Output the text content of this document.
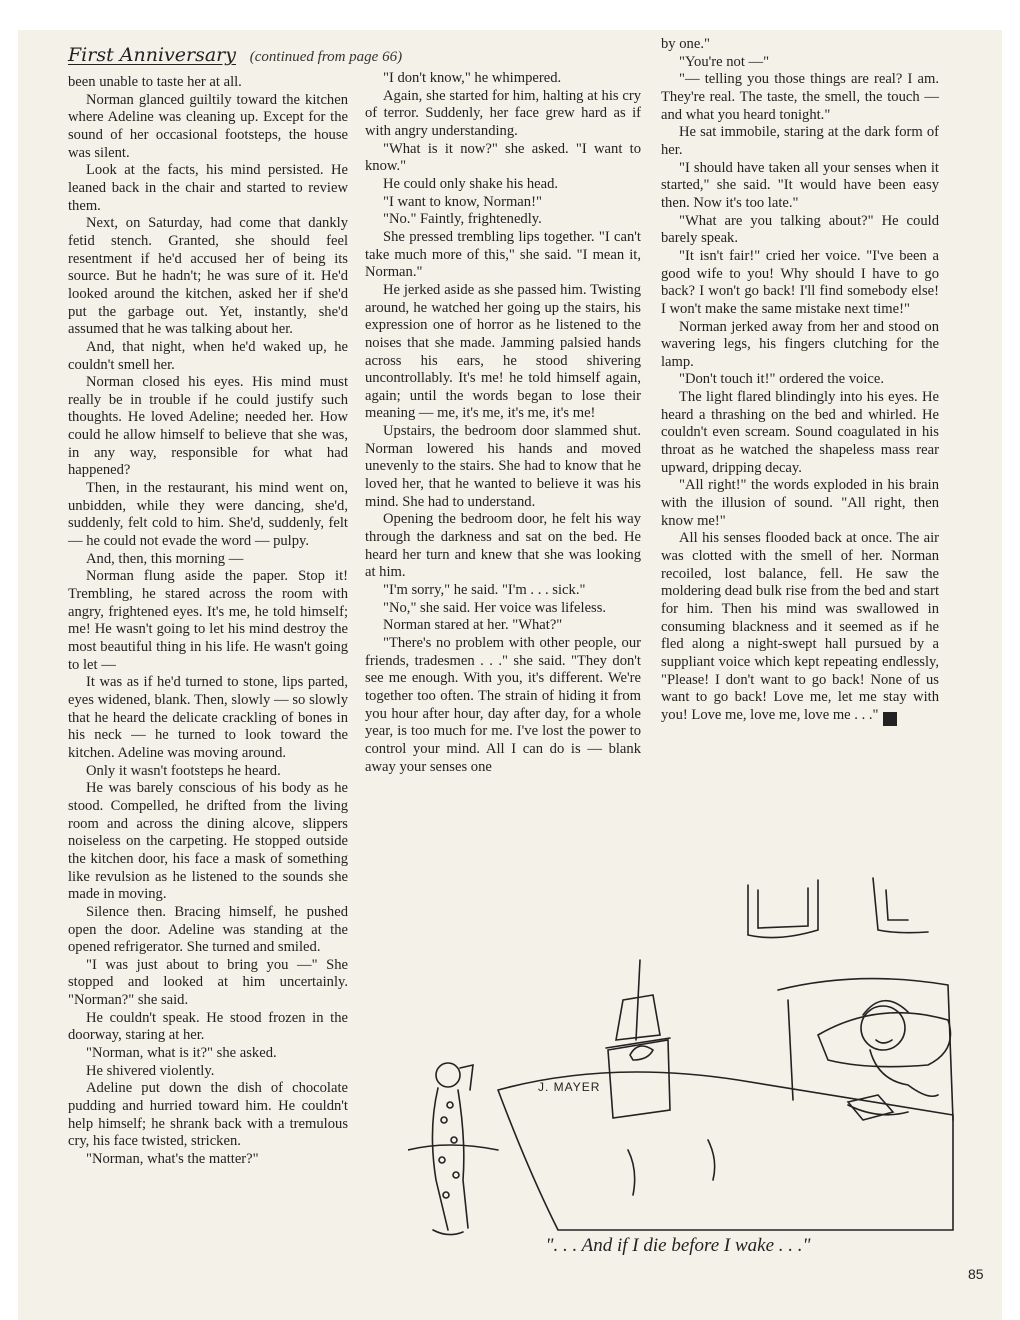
First Anniversary (continued from page 66)

been unable to taste her at all.

Norman glanced guiltily toward the kitchen where Adeline was cleaning up. Except for the sound of her occasional footsteps, the house was silent.

Look at the facts, his mind persisted. He leaned back in the chair and started to review them.

Next, on Saturday, had come that dankly fetid stench. Granted, she should feel resentment if he'd accused her of being its source. But he hadn't; he was sure of it. He'd looked around the kitchen, asked her if she'd put the garbage out. Yet, instantly, she'd assumed that he was talking about her.

And, that night, when he'd waked up, he couldn't smell her.

Norman closed his eyes. His mind must really be in trouble if he could justify such thoughts. He loved Adeline; needed her. How could he allow himself to believe that she was, in any way, responsible for what had happened?

Then, in the restaurant, his mind went on, unbidden, while they were dancing, she'd, suddenly, felt cold to him. She'd, suddenly, felt — he could not evade the word — pulpy.

And, then, this morning —

Norman flung aside the paper. Stop it! Trembling, he stared across the room with angry, frightened eyes. It's me, he told himself; me! He wasn't going to let his mind destroy the most beautiful thing in his life. He wasn't going to let —

It was as if he'd turned to stone, lips parted, eyes widened, blank. Then, slowly — so slowly that he heard the delicate crackling of bones in his neck — he turned to look toward the kitchen. Adeline was moving around.

Only it wasn't footsteps he heard.

He was barely conscious of his body as he stood. Compelled, he drifted from the living room and across the dining alcove, slippers noiseless on the carpeting. He stopped outside the kitchen door, his face a mask of something like revulsion as he listened to the sounds she made in moving.

Silence then. Bracing himself, he pushed open the door. Adeline was standing at the opened refrigerator. She turned and smiled.

"I was just about to bring you —" She stopped and looked at him uncertainly. "Norman?" she said.

He couldn't speak. He stood frozen in the doorway, staring at her.

"Norman, what is it?" she asked.

He shivered violently.

Adeline put down the dish of chocolate pudding and hurried toward him. He couldn't help himself; he shrank back with a tremulous cry, his face twisted, stricken.

"Norman, what's the matter?"

"I don't know," he whimpered.

Again, she started for him, halting at his cry of terror. Suddenly, her face grew hard as if with angry understanding.

"What is it now?" she asked. "I want to know."

He could only shake his head.

"I want to know, Norman!"

"No." Faintly, frightenedly.

She pressed trembling lips together. "I can't take much more of this," she said. "I mean it, Norman."

He jerked aside as she passed him. Twisting around, he watched her going up the stairs, his expression one of horror as he listened to the noises that she made. Jamming palsied hands across his ears, he stood shivering uncontrollably. It's me! he told himself again, again; until the words began to lose their meaning — me, it's me, it's me, it's me!

Upstairs, the bedroom door slammed shut. Norman lowered his hands and moved unevenly to the stairs. She had to know that he loved her, that he wanted to believe it was his mind. She had to understand.

Opening the bedroom door, he felt his way through the darkness and sat on the bed. He heard her turn and knew that she was looking at him.

"I'm sorry," he said. "I'm . . . sick."

"No," she said. Her voice was lifeless.

Norman stared at her. "What?"

"There's no problem with other people, our friends, tradesmen . . ." she said. "They don't see me enough. With you, it's different. We're together too often. The strain of hiding it from you hour after hour, day after day, for a whole year, is too much for me. I've lost the power to control your mind. All I can do is — blank away your senses one

by one."

"You're not —"

"— telling you those things are real? I am. They're real. The taste, the smell, the touch — and what you heard tonight."

He sat immobile, staring at the dark form of her.

"I should have taken all your senses when it started," she said. "It would have been easy then. Now it's too late."

"What are you talking about?" He could barely speak.

"It isn't fair!" cried her voice. "I've been a good wife to you! Why should I have to go back? I won't go back! I'll find somebody else! I won't make the same mistake next time!"

Norman jerked away from her and stood on wavering legs, his fingers clutching for the lamp.

"Don't touch it!" ordered the voice.

The light flared blindingly into his eyes. He heard a thrashing on the bed and whirled. He couldn't even scream. Sound coagulated in his throat as he watched the shapeless mass rear upward, dripping decay.

"All right!" the words exploded in his brain with the illusion of sound. "All right, then know me!"

All his senses flooded back at once. The air was clotted with the smell of her. Norman recoiled, lost balance, fell. He saw the moldering dead bulk rise from the bed and start for him. Then his mind was swallowed in consuming blackness and it seemed as if he fled along a night-swept hall pursued by a suppliant voice which kept repeating endlessly, "Please! I don't want to go back! None of us want to go back! Love me, let me stay with you! Love me, love me, love me . . ." ♦

J. MAYER
". . . And if I die before I wake . . ."
85
